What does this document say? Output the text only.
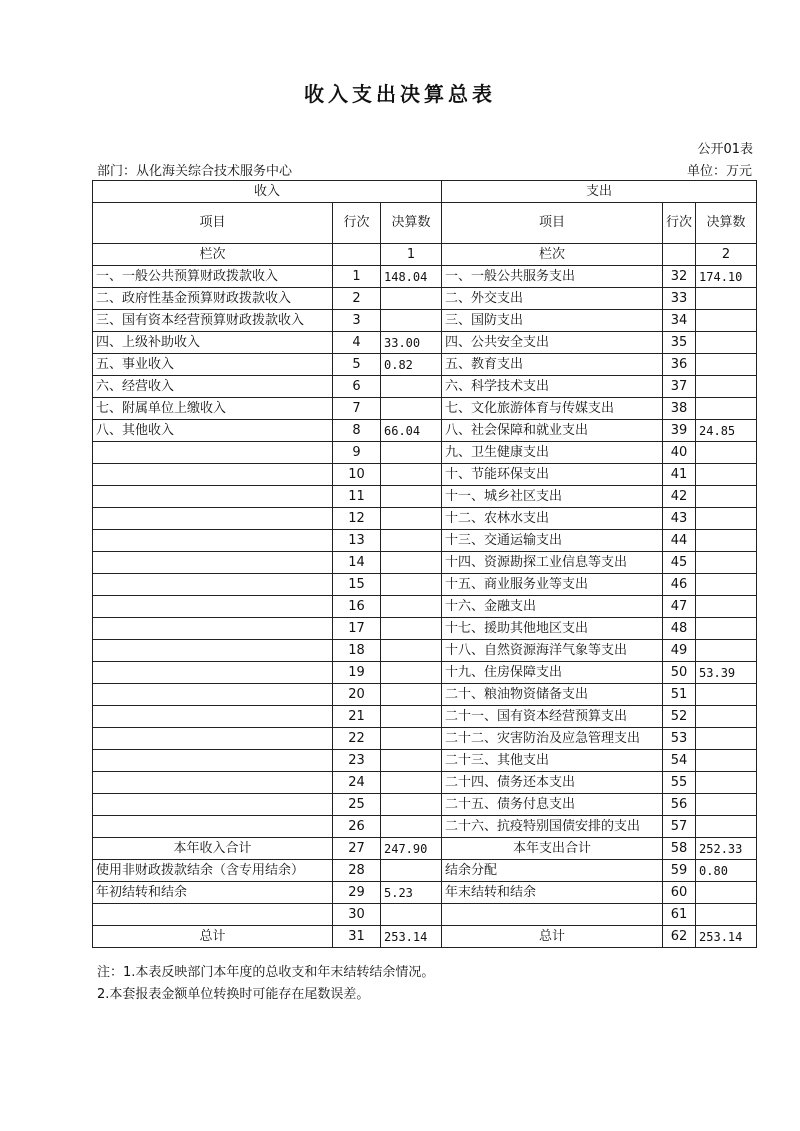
收入支出决算总表
公开01表
部门：从化海关综合技术服务中心	单位：万元
收入			支出		
项目	行次	决算数	项目	行次	决算数
栏次		1	栏次		2
一、一般公共预算财政拨款收入	1	148.04	一、一般公共服务支出	32	174.10
二、政府性基金预算财政拨款收入	2		二、外交支出	33	
三、国有资本经营预算财政拨款收入	3		三、国防支出	34	
四、上级补助收入	4	33.00	四、公共安全支出	35	
五、事业收入	5	0.82	五、教育支出	36	
六、经营收入	6		六、科学技术支出	37	
七、附属单位上缴收入	7		七、文化旅游体育与传媒支出	38	
八、其他收入	8	66.04	八、社会保障和就业支出	39	24.85
	9		九、卫生健康支出	40	
	10		十、节能环保支出	41	
	11		十一、城乡社区支出	42	
	12		十二、农林水支出	43	
	13		十三、交通运输支出	44	
	14		十四、资源勘探工业信息等支出	45	
	15		十五、商业服务业等支出	46	
	16		十六、金融支出	47	
	17		十七、援助其他地区支出	48	
	18		十八、自然资源海洋气象等支出	49	
	19		十九、住房保障支出	50	53.39
	20		二十、粮油物资储备支出	51	
	21		二十一、国有资本经营预算支出	52	
	22		二十二、灾害防治及应急管理支出	53	
	23		二十三、其他支出	54	
	24		二十四、债务还本支出	55	
	25		二十五、债务付息支出	56	
	26		二十六、抗疫特别国债安排的支出	57	
本年收入合计	27	247.90	本年支出合计	58	252.33
使用非财政拨款结余（含专用结余）	28		结余分配	59	0.80
年初结转和结余	29	5.23	年末结转和结余	60	
	30			61	
总计	31	253.14	总计	62	253.14
注：1.本表反映部门本年度的总收支和年末结转结余情况。
2.本套报表金额单位转换时可能存在尾数误差。
